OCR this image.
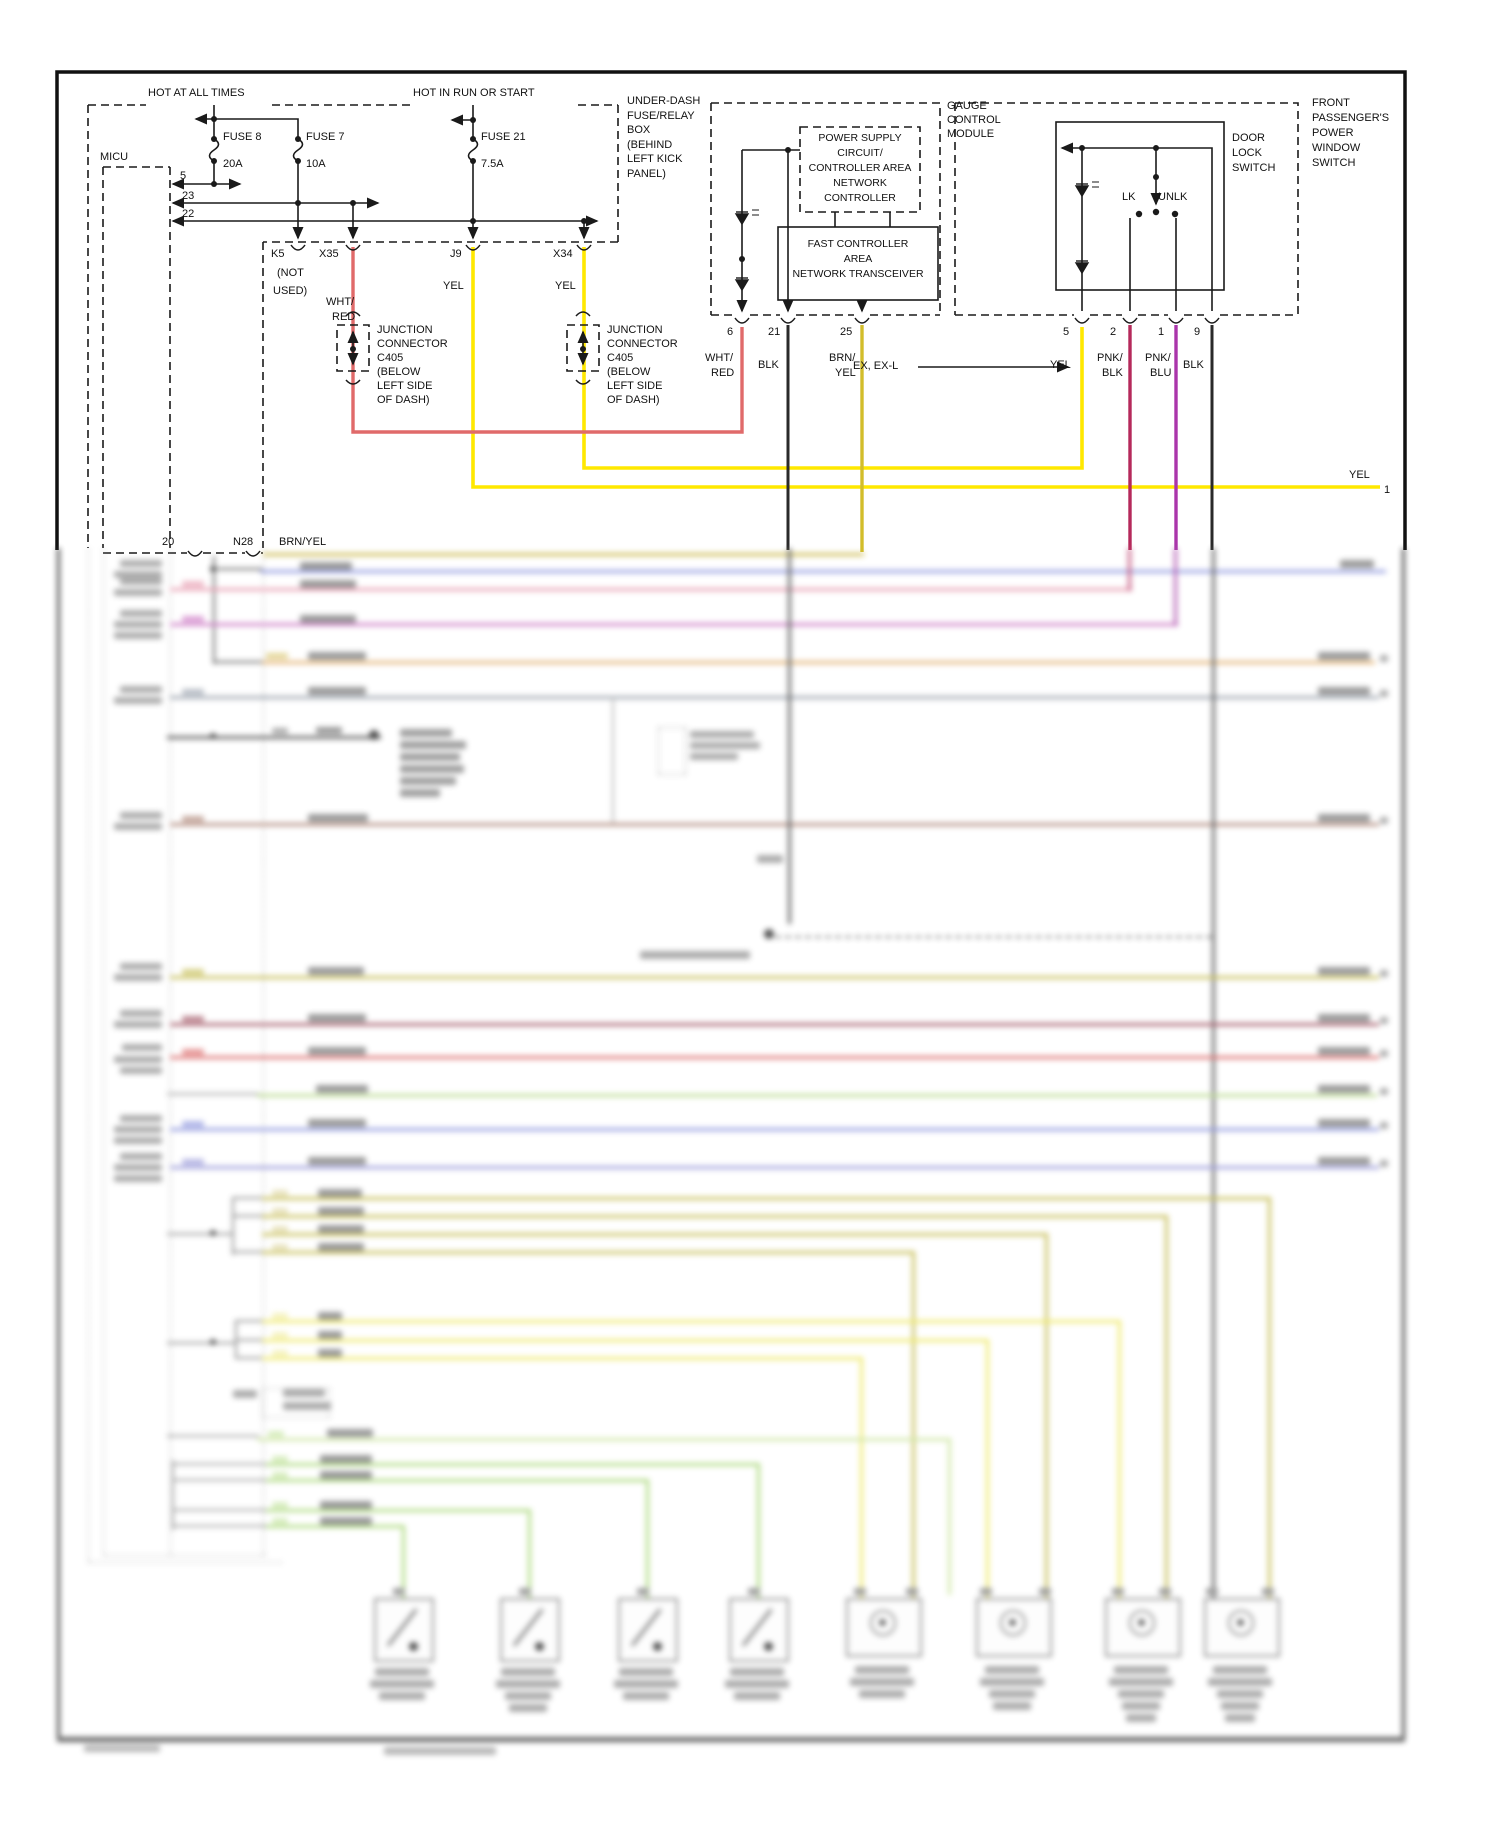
HOT AT ALL TIMES	HOT IN RUN OR START
MICU
FUSE 8
20A
FUSE 7
10A
FUSE 21
7.5A
5
23
22
K5
(NOT
USED)
X35
WHT/
RED
J9
YEL
X34
YEL
UNDER-DASH
FUSE/RELAY
BOX
(BEHIND
LEFT KICK
PANEL)
JUNCTION
CONNECTOR
C405
(BELOW
LEFT SIDE
OF DASH)
JUNCTION
CONNECTOR
C405
(BELOW
LEFT SIDE
OF DASH)
GAUGE
CONTROL
MODULE
POWER SUPPLY
CIRCUIT/
CONTROLLER AREA
NETWORK
CONTROLLER
FAST CONTROLLER
AREA
NETWORK TRANSCEIVER
DOOR
LOCK
SWITCH
FRONT
PASSENGER'S
POWER
WINDOW
SWITCH
LK UNLK
6	21	25
WHT/
RED
BLK
BRN/
YEL
5	2	1	9
YEL
PNK/
BLK
PNK/
BLU
BLK
EX, EX-L
YEL
1
20	N28 BRN/YEL
